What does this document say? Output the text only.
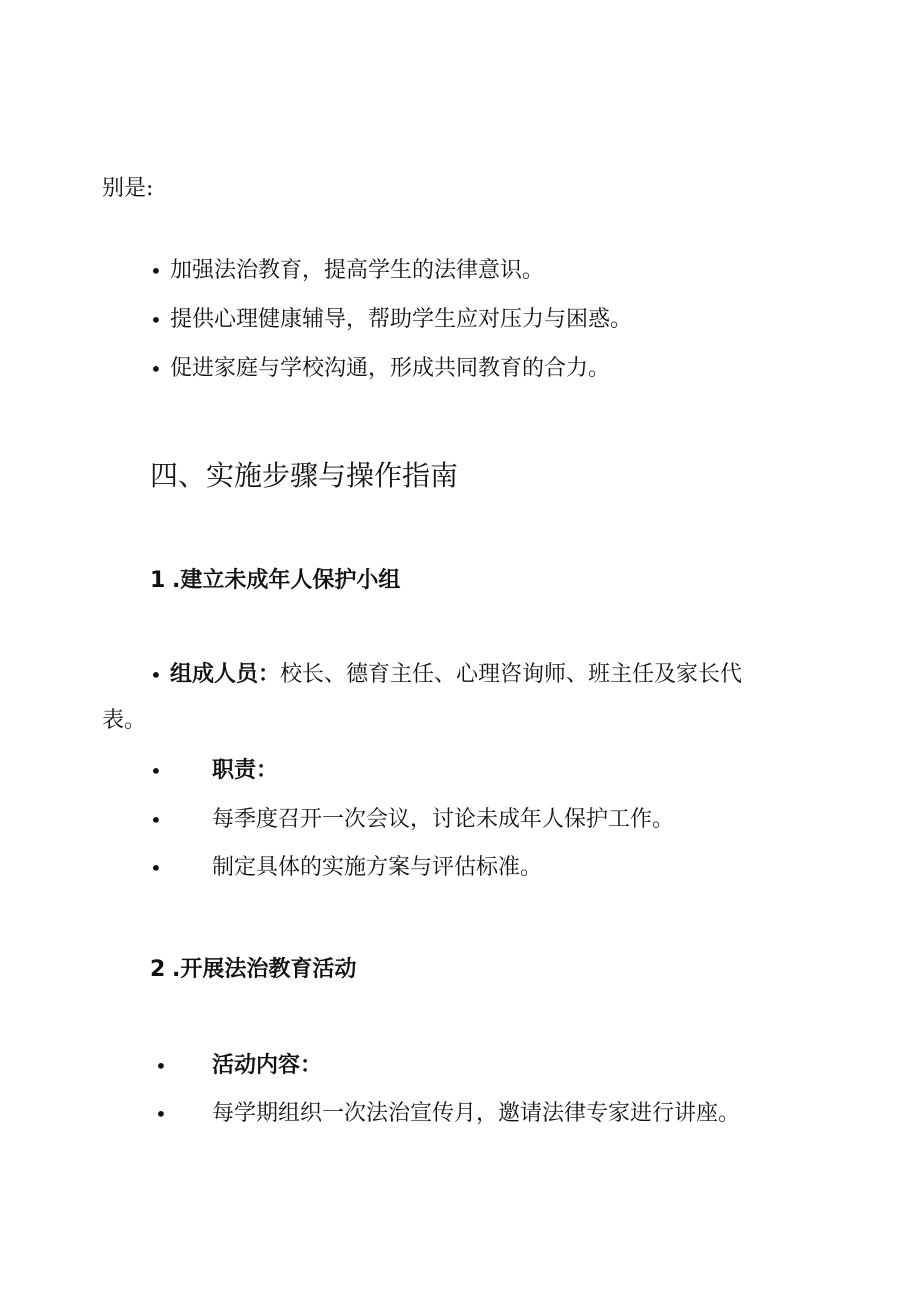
别是:
• 加强法治教育，提高学生的法律意识。
• 提供心理健康辅导，帮助学生应对压力与困惑。
• 促进家庭与学校沟通，形成共同教育的合力。
四、实施步骤与操作指南
1 .建立未成年人保护小组
• 组成人员：校长、德育主任、心理咨询师、班主任及家长代
表。
• 职责：
• 每季度召开一次会议，讨论未成年人保护工作。
• 制定具体的实施方案与评估标准。
2 .开展法治教育活动
• 活动内容：
• 每学期组织一次法治宣传月，邀请法律专家进行讲座。
